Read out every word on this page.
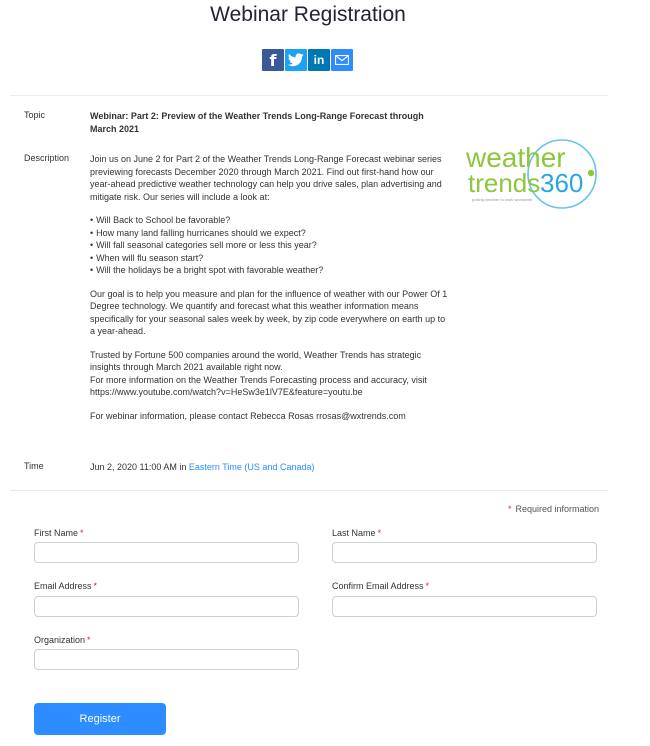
Webinar Registration
f	in
Topic	Webinar: Part 2: Preview of the Weather Trends Long-Range Forecast through March 2021
Description Join us on June 2 for Part 2 of the Weather Trends Long-Range Forecast webinar series previewing forecasts December 2020 through March 2021. Find out first-hand how our year-ahead predictive weather technology can help you drive sales, plan advertising and mitigate risk. Our series will include a look at:

• Will Back to School be favorable?
• How many land falling hurricanes should we expect?
• Will fall seasonal categories sell more or less this year?
• When will flu season start?
• Will the holidays be a bright spot with favorable weather?

Our goal is to help you measure and plan for the influence of weather with our Power Of 1 Degree technology. We quantify and forecast what this weather information means specifically for your seasonal sales week by week, by zip code everywhere on earth up to a year-ahead.

Trusted by Fortune 500 companies around the world, Weather Trends has strategic insights through March 2021 available right now.

For more information on the Weather Trends Forecasting process and accuracy, visit https://www.youtube.com/watch?v=HeSw3e1lV7E&feature=youtu.be

For webinar information, please contact Rebecca Rosas rrosas@wxtrends.com

weather
trends 360
putting weather to work worldwide
Time	Jun 2, 2020 11:00 AM in Eastern Time (US and Canada)
* Required information
First Name *	Last Name *
Email Address *	Confirm Email Address *
Organization *
Register
